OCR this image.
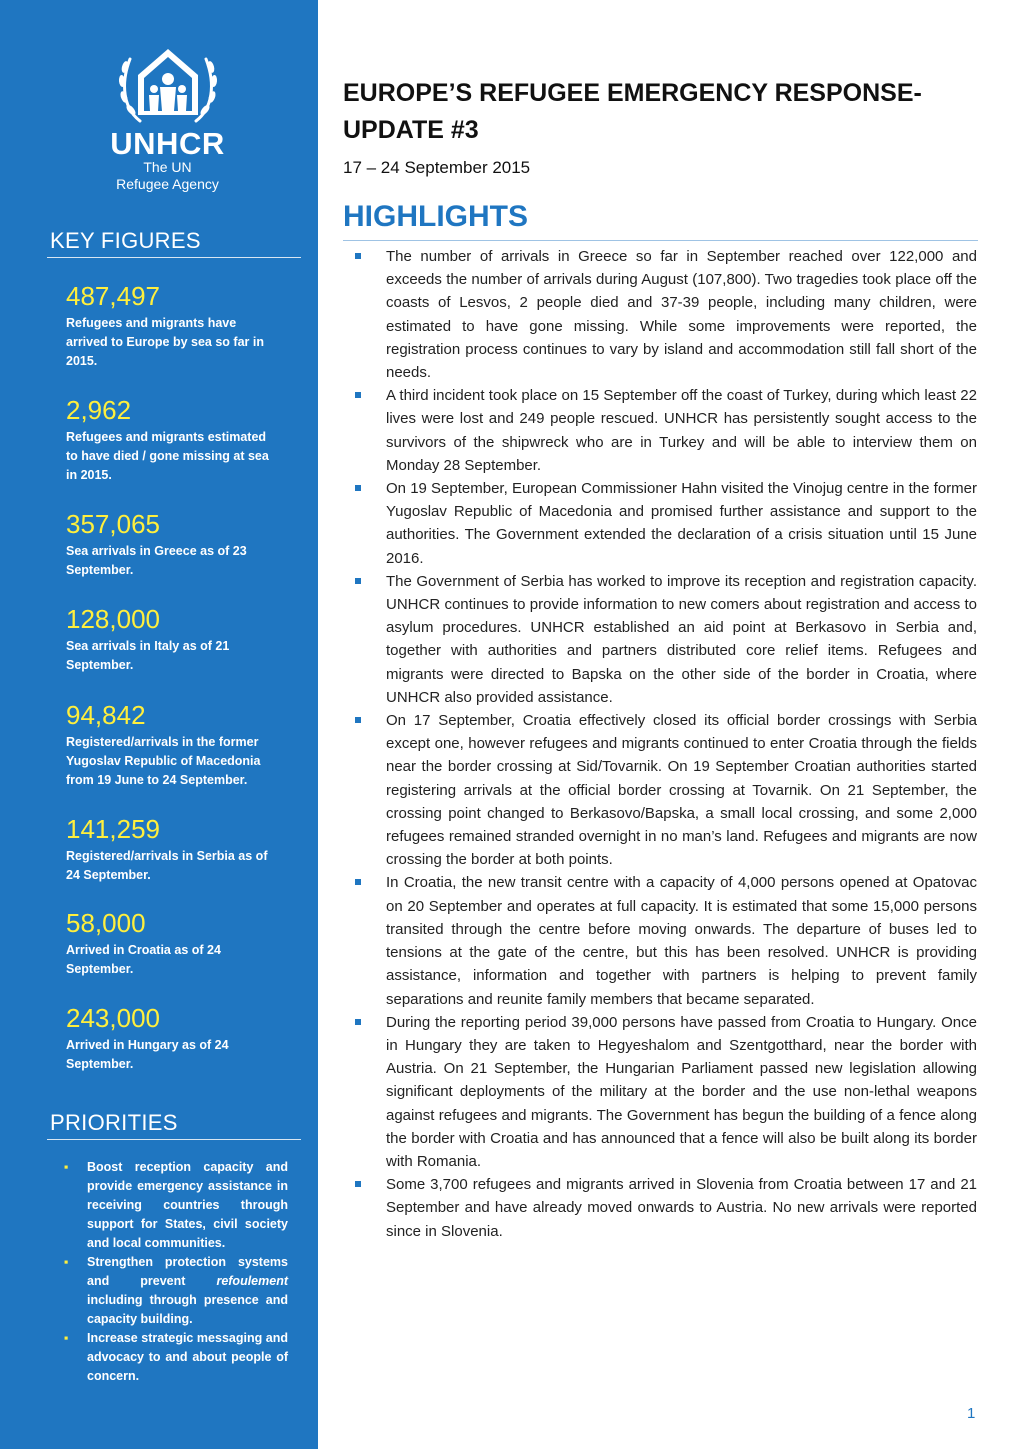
UNHCR
The UN
Refugee Agency
KEY FIGURES
487,497
Refugees and migrants have arrived to Europe by sea so far in 2015.
2,962
Refugees and migrants estimated to have died / gone missing at sea in 2015.
357,065
Sea arrivals in Greece as of 23 September.
128,000
Sea arrivals in Italy as of 21 September.
94,842
Registered/arrivals in the former Yugoslav Republic of Macedonia from 19 June to 24 September.
141,259
Registered/arrivals in Serbia as of 24 September.
58,000
Arrived in Croatia as of 24 September.
243,000
Arrived in Hungary as of 24 September.
PRIORITIES
▪ Boost reception capacity and provide emergency assistance in receiving countries through support for States, civil society and local communities.
▪ Strengthen protection systems and prevent refoulement including through presence and capacity building.
▪ Increase strategic messaging and advocacy to and about people of concern.
EUROPE’S REFUGEE EMERGENCY RESPONSE- UPDATE #3
17 – 24 September 2015
HIGHLIGHTS
The number of arrivals in Greece so far in September reached over 122,000 and exceeds the number of arrivals during August (107,800). Two tragedies took place off the coasts of Lesvos, 2 people died and 37-39 people, including many children, were estimated to have gone missing. While some improvements were reported, the registration process continues to vary by island and accommodation still fall short of the needs.
A third incident took place on 15 September off the coast of Turkey, during which least 22 lives were lost and 249 people rescued. UNHCR has persistently sought access to the survivors of the shipwreck who are in Turkey and will be able to interview them on Monday 28 September.
On 19 September, European Commissioner Hahn visited the Vinojug centre in the former Yugoslav Republic of Macedonia and promised further assistance and support to the authorities. The Government extended the declaration of a crisis situation until 15 June 2016.
The Government of Serbia has worked to improve its reception and registration capacity. UNHCR continues to provide information to new comers about registration and access to asylum procedures. UNHCR established an aid point at Berkasovo in Serbia and, together with authorities and partners distributed core relief items. Refugees and migrants were directed to Bapska on the other side of the border in Croatia, where UNHCR also provided assistance.
On 17 September, Croatia effectively closed its official border crossings with Serbia except one, however refugees and migrants continued to enter Croatia through the fields near the border crossing at Sid/Tovarnik. On 19 September Croatian authorities started registering arrivals at the official border crossing at Tovarnik. On 21 September, the crossing point changed to Berkasovo/Bapska, a small local crossing, and some 2,000 refugees remained stranded overnight in no man’s land. Refugees and migrants are now crossing the border at both points.
In Croatia, the new transit centre with a capacity of 4,000 persons opened at Opatovac on 20 September and operates at full capacity. It is estimated that some 15,000 persons transited through the centre before moving onwards. The departure of buses led to tensions at the gate of the centre, but this has been resolved. UNHCR is providing assistance, information and together with partners is helping to prevent family separations and reunite family members that became separated.
During the reporting period 39,000 persons have passed from Croatia to Hungary. Once in Hungary they are taken to Hegyeshalom and Szentgotthard, near the border with Austria. On 21 September, the Hungarian Parliament passed new legislation allowing significant deployments of the military at the border and the use non-lethal weapons against refugees and migrants. The Government has begun the building of a fence along the border with Croatia and has announced that a fence will also be built along its border with Romania.
Some 3,700 refugees and migrants arrived in Slovenia from Croatia between 17 and 21 September and have already moved onwards to Austria. No new arrivals were reported since in Slovenia.
1
